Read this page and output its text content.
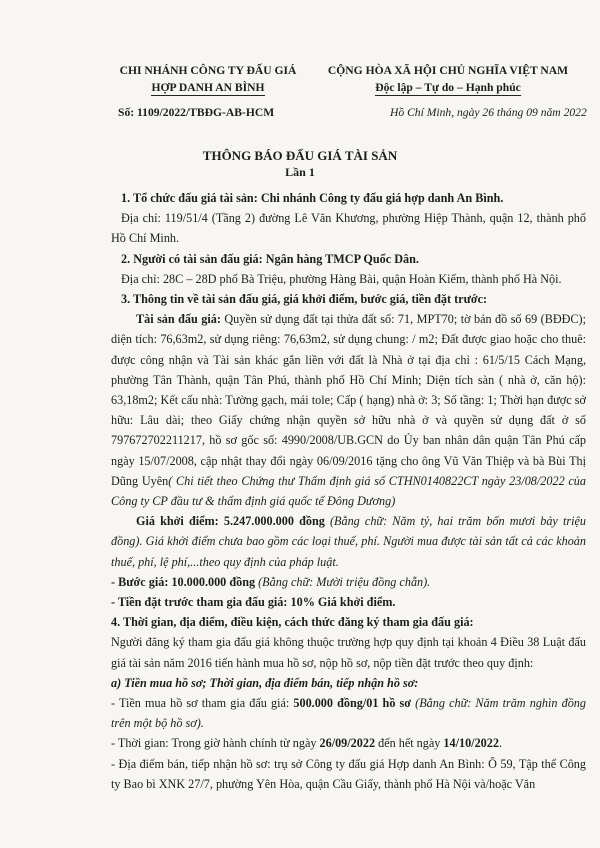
CHI NHÁNH CÔNG TY ĐẤU GIÁ
HỢP DANH AN BÌNH
CỘNG HÒA XÃ HỘI CHỦ NGHĨA VIỆT NAM
Độc lập – Tự do – Hạnh phúc
Số: 1109/2022/TBĐG-AB-HCM	Hồ Chí Minh, ngày 26 tháng 09 năm 2022
THÔNG BÁO ĐẤU GIÁ TÀI SẢN
Lần 1

1. Tổ chức đấu giá tài sản: Chi nhánh Công ty đấu giá hợp danh An Bình.

Địa chỉ: 119/51/4 (Tầng 2) đường Lê Văn Khương, phường Hiệp Thành, quận 12, thành phố Hồ Chí Minh.

2. Người có tài sản đấu giá: Ngân hàng TMCP Quốc Dân.

Địa chỉ: 28C – 28D phố Bà Triệu, phường Hàng Bài, quận Hoàn Kiếm, thành phố Hà Nội.

3. Thông tin về tài sản đấu giá, giá khởi điểm, bước giá, tiền đặt trước:

Tài sản đấu giá: Quyền sử dụng đất tại thửa đất số: 71, MPT70; tờ bản đồ số 69 (BĐĐC); diện tích: 76,63m2, sử dụng riêng: 76,63m2, sử dụng chung: / m2; Đất được giao hoặc cho thuê: được công nhận và Tài sản khác gắn liền với đất là Nhà ở tại địa chỉ : 61/5/15 Cách Mạng, phường Tân Thành, quận Tân Phú, thành phố Hồ Chí Minh; Diện tích sàn ( nhà ở, căn hộ): 63,18m2; Kết cấu nhà: Tường gạch, mái tole; Cấp ( hạng) nhà ở: 3; Số tầng: 1; Thời hạn được sở hữu: Lâu dài; theo Giấy chứng nhận quyền sở hữu nhà ở và quyền sử dụng đất ở số 797672702211217, hồ sơ gốc số: 4990/2008/UB.GCN do Ủy ban nhân dân quận Tân Phú cấp ngày 15/07/2008, cập nhật thay đổi ngày 06/09/2016 tặng cho ông Vũ Văn Thiệp và bà Bùi Thị Dũng Uyên( Chi tiết theo Chứng thư Thẩm định giá số CTHN0140822CT ngày 23/08/2022 của Công ty CP đầu tư & thẩm định giá quốc tế Đông Dương)

Giá khởi điểm: 5.247.000.000 đồng (Bằng chữ: Năm tỷ, hai trăm bốn mươi bảy triệu đồng). Giá khởi điểm chưa bao gồm các loại thuế, phí. Người mua được tài sản tất cả các khoản thuế, phí, lệ phí,...theo quy định của pháp luật.

- Bước giá: 10.000.000 đồng (Bằng chữ: Mười triệu đồng chẵn).

- Tiền đặt trước tham gia đấu giá: 10% Giá khởi điểm.

4. Thời gian, địa điểm, điều kiện, cách thức đăng ký tham gia đấu giá:

Người đăng ký tham gia đấu giá không thuộc trường hợp quy định tại khoản 4 Điều 38 Luật đấu giá tài sản năm 2016 tiến hành mua hồ sơ, nộp hồ sơ, nộp tiền đặt trước theo quy định:

a) Tiền mua hồ sơ; Thời gian, địa điểm bán, tiếp nhận hồ sơ:

- Tiền mua hồ sơ tham gia đấu giá: 500.000 đồng/01 hồ sơ (Bằng chữ: Năm trăm nghìn đồng trên một bộ hồ sơ).

- Thời gian: Trong giờ hành chính từ ngày 26/09/2022 đến hết ngày 14/10/2022.

- Địa điểm bán, tiếp nhận hồ sơ: trụ sở Công ty đấu giá Hợp danh An Bình: Ô 59, Tập thể Công ty Bao bì XNK 27/7, phường Yên Hòa, quận Cầu Giấy, thành phố Hà Nội và/hoặc Văn
